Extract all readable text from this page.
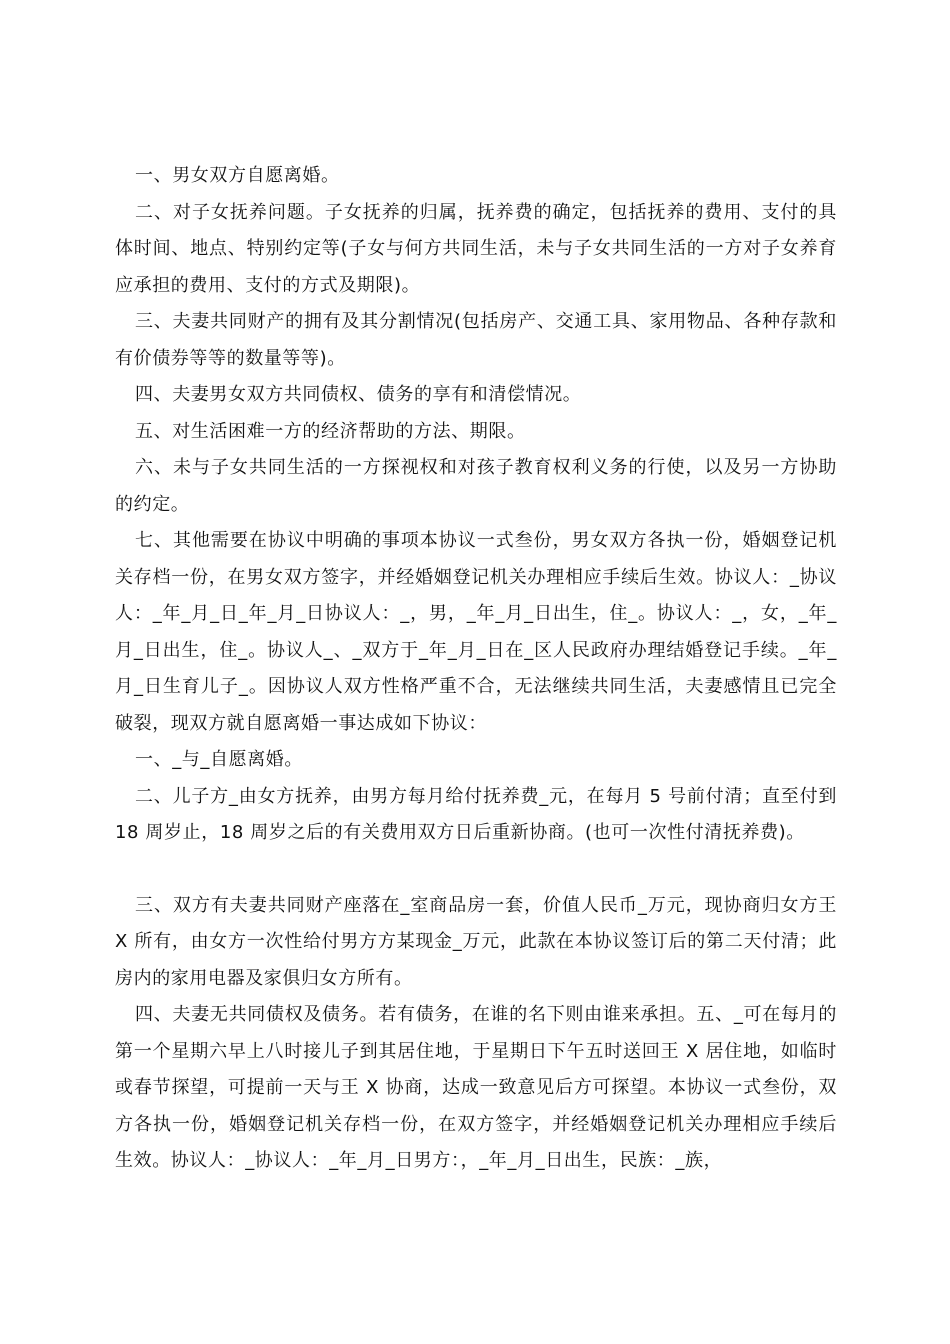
一、男女双方自愿离婚。

二、对子女抚养问题。子女抚养的归属，抚养费的确定，包括抚养的费用、支付的具体时间、地点、特别约定等(子女与何方共同生活，未与子女共同生活的一方对子女养育应承担的费用、支付的方式及期限)。

三、夫妻共同财产的拥有及其分割情况(包括房产、交通工具、家用物品、各种存款和有价债券等等的数量等等)。

四、夫妻男女双方共同债权、债务的享有和清偿情况。

五、对生活困难一方的经济帮助的方法、期限。

六、未与子女共同生活的一方探视权和对孩子教育权利义务的行使，以及另一方协助的约定。

七、其他需要在协议中明确的事项本协议一式叁份，男女双方各执一份，婚姻登记机关存档一份，在男女双方签字，并经婚姻登记机关办理相应手续后生效。协议人：_协议人：_年_月_日_年_月_日协议人：_，男，_年_月_日出生，住_。协议人：_，女，_年_月_日出生，住_。协议人_、_双方于_年_月_日在_区人民政府办理结婚登记手续。_年_月_日生育儿子_。因协议人双方性格严重不合，无法继续共同生活，夫妻感情且已完全破裂，现双方就自愿离婚一事达成如下协议：

一、_与_自愿离婚。

二、儿子方_由女方抚养，由男方每月给付抚养费_元，在每月 5 号前付清；直至付到 18 周岁止，18 周岁之后的有关费用双方日后重新协商。(也可一次性付清抚养费)。

三、双方有夫妻共同财产座落在_室商品房一套，价值人民币_万元，现协商归女方王 X 所有，由女方一次性给付男方方某现金_万元，此款在本协议签订后的第二天付清；此房内的家用电器及家俱归女方所有。

四、夫妻无共同债权及债务。若有债务，在谁的名下则由谁来承担。五、_可在每月的第一个星期六早上八时接儿子到其居住地，于星期日下午五时送回王 X 居住地，如临时或春节探望，可提前一天与王 X 协商，达成一致意见后方可探望。本协议一式叁份，双方各执一份，婚姻登记机关存档一份，在双方签字，并经婚姻登记机关办理相应手续后生效。协议人：_协议人：_年_月_日男方：，_年_月_日出生，民族：_族，
